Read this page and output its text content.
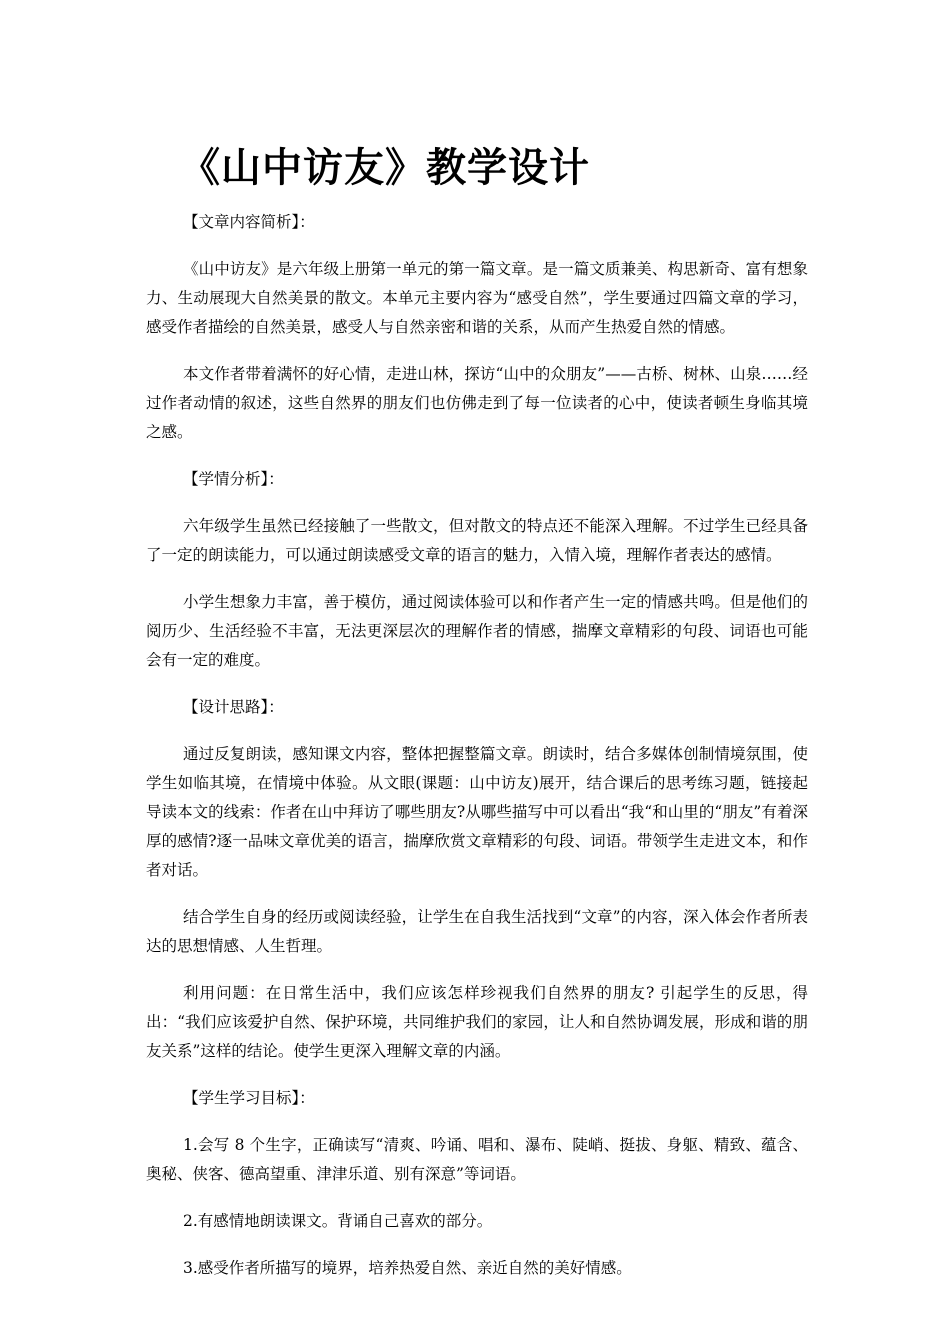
《山中访友》教学设计

【文章内容简析】：

《山中访友》是六年级上册第一单元的第一篇文章。是一篇文质兼美、构思新奇、富有想象力、生动展现大自然美景的散文。本单元主要内容为“感受自然”，学生要通过四篇文章的学习，感受作者描绘的自然美景，感受人与自然亲密和谐的关系，从而产生热爱自然的情感。

本文作者带着满怀的好心情，走进山林，探访“山中的众朋友”——古桥、树林、山泉……经过作者动情的叙述，这些自然界的朋友们也仿佛走到了每一位读者的心中，使读者顿生身临其境之感。

【学情分析】：

六年级学生虽然已经接触了一些散文，但对散文的特点还不能深入理解。不过学生已经具备了一定的朗读能力，可以通过朗读感受文章的语言的魅力，入情入境，理解作者表达的感情。

小学生想象力丰富，善于模仿，通过阅读体验可以和作者产生一定的情感共鸣。但是他们的阅历少、生活经验不丰富，无法更深层次的理解作者的情感，揣摩文章精彩的句段、词语也可能会有一定的难度。

【设计思路】：

通过反复朗读，感知课文内容，整体把握整篇文章。朗读时，结合多媒体创制情境氛围，使学生如临其境，在情境中体验。从文眼(课题：山中访友)展开，结合课后的思考练习题，链接起导读本文的线索：作者在山中拜访了哪些朋友?从哪些描写中可以看出“我“和山里的“朋友”有着深厚的感情?逐一品味文章优美的语言，揣摩欣赏文章精彩的句段、词语。带领学生走进文本，和作者对话。

结合学生自身的经历或阅读经验，让学生在自我生活找到“文章”的内容，深入体会作者所表达的思想情感、人生哲理。

利用问题：在日常生活中，我们应该怎样珍视我们自然界的朋友? 引起学生的反思，得出：“我们应该爱护自然、保护环境，共同维护我们的家园，让人和自然协调发展，形成和谐的朋友关系”这样的结论。使学生更深入理解文章的内涵。

【学生学习目标】：

1.会写 8 个生字，正确读写“清爽、吟诵、唱和、瀑布、陡峭、挺拔、身躯、精致、蕴含、奥秘、侠客、德高望重、津津乐道、别有深意”等词语。

2.有感情地朗读课文。背诵自己喜欢的部分。

3.感受作者所描写的境界，培养热爱自然、亲近自然的美好情感。
